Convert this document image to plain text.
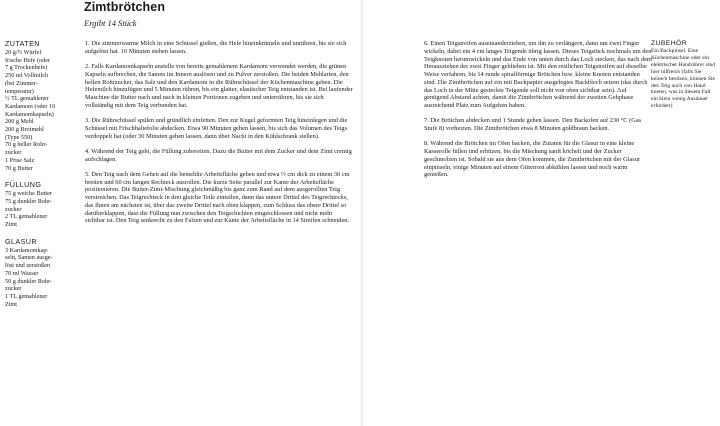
Zimtbrötchen
Ergibt 14 Stück
ZUTATEN
20 g/½ Würfel
frische Hefe (oder
7 g Trockenhefe)
250 ml Vollmilch
(bei Zimmer-
temperatur)
½ TL gemahlener
Kardamom (oder 10
Kardamomkapseln)
200 g Mehl
200 g Brotmehl
(Type 550)
70 g heller Rohr-
zucker
1 Prise Salz
70 g Butter
FÜLLUNG
75 g weiche Butter
75 g dunkler Rohr-
zucker
2 TL gemahlener
Zimt
GLASUR
3 Kardamomkap-
seln, Samen ausge-
löst und zerstoßen
70 ml Wasser
50 g dunkler Rohr-
zucker
1 TL gemahlener
Zimt

1. Die zimmerwarme Milch in eine Schüssel gießen, die Hefe hineinkrümeln und unrühren, bis sie sich aufgelöst hat. 10 Minuten stehen lassen.

2. Falls Kardamomkapseln anstelle von bereits gemahlenem Kardamom verwendet werden, die grünen Kapseln aufbrechen, die Samen im Innern auslösen und zu Pulver zerstoßen. Die beiden Mehlarten, den hellen Rohrzucker, das Salz und den Kardamom in die Rührschüssel der Küchenmaschine geben. Die Hefemilch hinzufügen und 5 Minuten rühren, bis ein glatter, elastischer Teig entstanden ist. Bei laufender Maschine die Butter nach und nach in kleinen Portionen zugeben und unterrühren, bis sie sich vollständig mit dem Teig verbunden hat.

3. Die Rührschüssel spülen und gründlich einfetten. Den zur Kugel geformten Teig hineinlegen und die Schüssel mit Frischhaltefolie abdecken. Etwa 90 Minuten gehen lassen, bis sich das Volumen des Teigs verdoppelt hat (oder 30 Minuten gehen lassen, dann über Nacht in den Kühlschrank stellen).

4. Während der Teig geht, die Füllung zubereiten. Dazu die Butter mit dem Zucker und dem Zimt cremig aufschlagen.

5. Den Teig nach dem Gehen auf die bemehlte Arbeitsfläche geben und etwa ½ cm dick zu einem 30 cm breiten und 60 cm langen Rechteck ausrollen. Die kurze Seite parallel zur Kante der Arbeitsfläche positionieren. Die Butter-Zimt-Mischung gleichmäßig bis ganz zum Rand auf dem ausgerollten Teig verstreichen. Das Teigrechteck in drei gleiche Teile einteilen, dann das untere Drittel des Teigrechtecks, das Ihnen am nächsten ist, über das zweite Drittel nach oben klappen, zum Schluss das obere Drittel so darüberklappen, dass die Füllung nun zwischen den Teigschichten eingeschlossen und nicht mehr sichtbar ist. Den Teig senkrecht zu den Falzen und zur Kante der Arbeitsfläche in 14 Streifen schneiden.

6. Einen Teigstreifen auseinanderziehen, um ihn zu verlängern, dann um zwei Finger wickeln, dabei ein 4 cm langes Teigende übrig lassen. Dieses Teigstück nochmals um den Teigknoten herumwickeln und das Ende von unten durch das Loch stecken, das nach dem Herausziehen der zwei Finger geblieben ist. Mit den restlichen Teigstreifen auf dieselbe Weise verfahren, bis 14 runde spiralförmige Brötchen bzw. kleine Knoten entstanden sind. Die Zimtbrötchen auf ein mit Backpapier ausgelegtes Backblech setzen (das durch das Loch in der Mitte gesteckte Teigende soll nicht von oben sichtbar sein). Auf genügend Abstand achten, damit die Zimtbrötchen während der zweiten Gehphase ausreichend Platz zum Aufgehen haben.

7. Die Brötchen abdecken und 1 Stunde gehen lassen. Den Backofen auf 230 °C (Gas Stufe 8) vorheizen. Die Zimtbrötchen etwa 8 Minuten goldbraun backen.

8. Während die Brötchen im Ofen backen, die Zutaten für die Glasur in eine kleine Kasserolle füllen und erhitzen, bis die Mischung sanft köchelt und der Zucker geschmolzen ist. Sobald sie aus dem Ofen kommen, die Zimtbrötchen mit der Glasur einpinseln, einige Minuten auf einem Gitterrost abkühlen lassen und noch warm genießen.

ZUBEHÖR
Ein Backpinsel. Eine Küchenmaschine oder ein elektrischer Handrührer sind hier hilfreich (falls Sie keine/n besitzen, können Sie den Teig auch von Hand kneten, was in diesem Fall ein klein wenig Ausdauer erfordert)
